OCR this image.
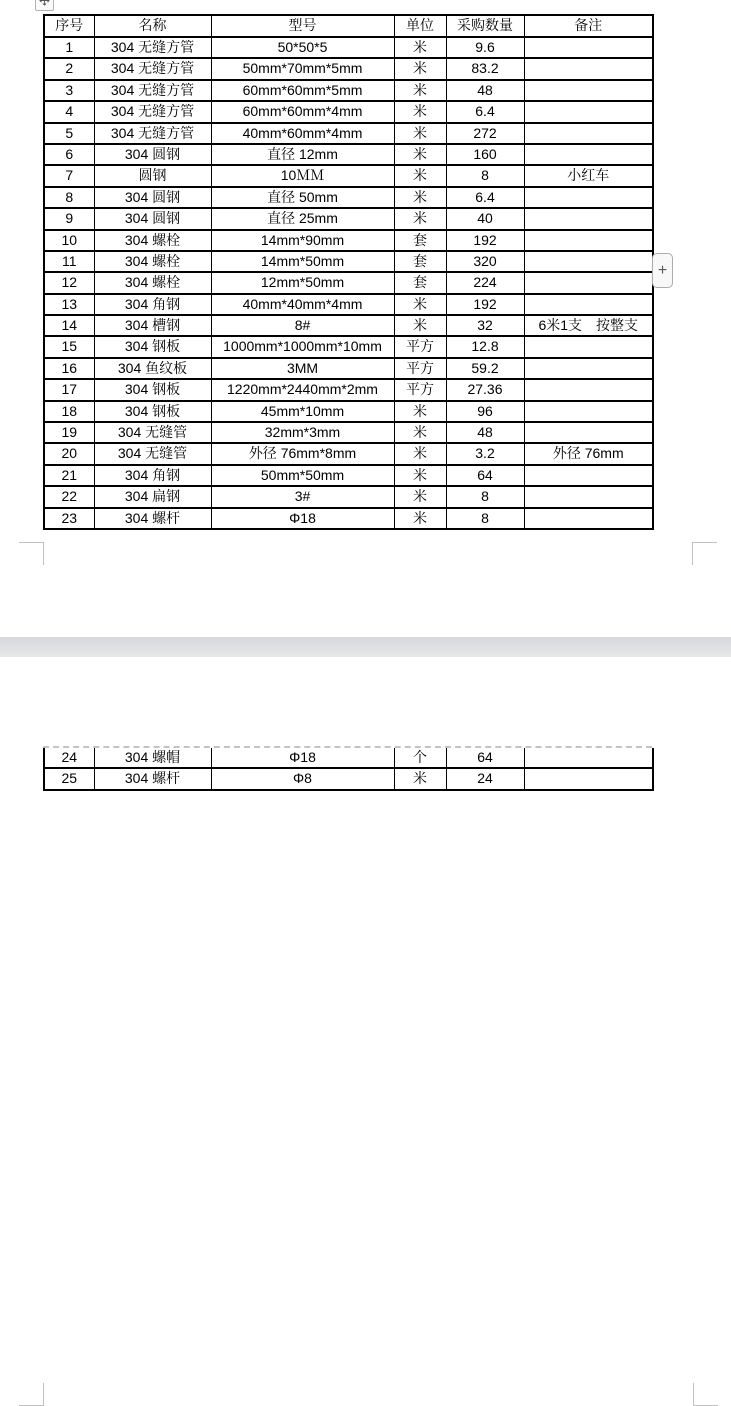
序号	名称	型号	单位	采购数量	备注
1	304 无缝方管	50*50*5	米	9.6	
2	304 无缝方管	50mm*70mm*5mm	米	83.2	
3	304 无缝方管	60mm*60mm*5mm	米	48	
4	304 无缝方管	60mm*60mm*4mm	米	6.4	
5	304 无缝方管	40mm*60mm*4mm	米	272	
6	304 圆钢	直径 12mm	米	160	
7	圆钢	10ＭＭ	米	8	小红车
8	304 圆钢	直径 50mm	米	6.4	
9	304 圆钢	直径 25mm	米	40	
10	304 螺栓	14mm*90mm	套	192	
11	304 螺栓	14mm*50mm	套	320	
12	304 螺栓	12mm*50mm	套	224	
13	304 角钢	40mm*40mm*4mm	米	192	
14	304 槽钢	8#	米	32	6米1支　按整支
15	304 钢板	1000mm*1000mm*10mm	平方	12.8	
16	304 鱼纹板	3MM	平方	59.2	
17	304 钢板	1220mm*2440mm*2mm	平方	27.36	
18	304 钢板	45mm*10mm	米	96	
19	304 无缝管	32mm*3mm	米	48	
20	304 无缝管	外径 76mm*8mm	米	3.2	外径 76mm
21	304 角钢	50mm*50mm	米	64	
22	304 扁钢	3#	米	8	
23	304 螺杆	Φ18	米	8	
+
24	304 螺帽	Φ18	个	64	
25	304 螺杆	Φ8	米	24	
